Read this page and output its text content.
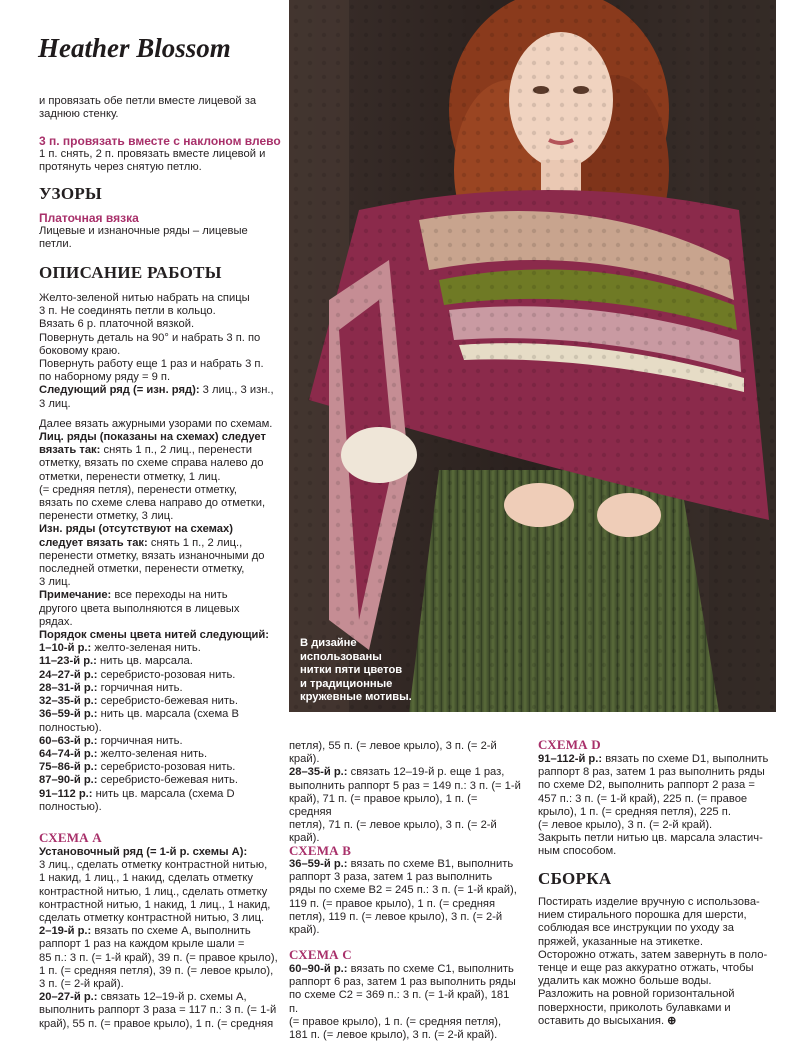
Heather Blossom
В дизайне
использованы
нитки пяти цветов
и традиционные
кружевные мотивы.
и провязать обе петли вместе лицевой за
заднюю стенку.
3 п. провязать вместе с наклоном влево
1 п. снять, 2 п. провязать вместе лицевой и
протянуть через снятую петлю.
УЗОРЫ
Платочная вязка
Лицевые и изнаночные ряды – лицевые
петли.
ОПИСАНИЕ РАБОТЫ
Желто-зеленой нитью набрать на спицы
3 п. Не соединять петли в кольцо.
Вязать 6 р. платочной вязкой.
Повернуть деталь на 90° и набрать 3 п. по
боковому краю.
Повернуть работу еще 1 раз и набрать 3 п.
по наборному ряду = 9 п.
Следующий ряд (= изн. ряд): 3 лиц., 3 изн.,
3 лиц.
Далее вязать ажурными узорами по схемам.
Лиц. ряды (показаны на схемах) следует
вязать так: снять 1 п., 2 лиц., перенести
отметку, вязать по схеме справа налево до
отметки, перенести отметку, 1 лиц.
(= средняя петля), перенести отметку,
вязать по схеме слева направо до отметки,
перенести отметку, 3 лиц.
Изн. ряды (отсутствуют на схемах)
следует вязать так: снять 1 п., 2 лиц.,
перенести отметку, вязать изнаночными до
последней отметки, перенести отметку,
3 лиц.
Примечание: все переходы на нить
другого цвета выполняются в лицевых
рядах.
Порядок смены цвета нитей следующий:
1–10-й р.: желто-зеленая нить.
11–23-й р.: нить цв. марсала.
24–27-й р.: серебристо-розовая нить.
28–31-й р.: горчичная нить.
32–35-й р.: серебристо-бежевая нить.
36–59-й р.: нить цв. марсала (схема В
полностью).
60–63-й р.: горчичная нить.
64–74-й р.: желто-зеленая нить.
75–86-й р.: серебристо-розовая нить.
87–90-й р.: серебристо-бежевая нить.
91–112 р.: нить цв. марсала (схема D
полностью).
СХЕМА А
Установочный ряд (= 1-й р. схемы А):
3 лиц., сделать отметку контрастной нитью,
1 накид, 1 лиц., 1 накид, сделать отметку
контрастной нитью, 1 лиц., сделать отметку
контрастной нитью, 1 накид, 1 лиц., 1 накид,
сделать отметку контрастной нитью, 3 лиц.
2–19-й р.: вязать по схеме А, выполнить
раппорт 1 раз на каждом крыле шали =
85 п.: 3 п. (= 1-й край), 39 п. (= правое крыло),
1 п. (= средняя петля), 39 п. (= левое крыло),
3 п. (= 2-й край).
20–27-й р.: связать 12–19-й р. схемы А,
выполнить раппорт 3 раза = 117 п.: 3 п. (= 1-й
край), 55 п. (= правое крыло), 1 п. (= средняя
петля), 55 п. (= левое крыло), 3 п. (= 2-й
край).
28–35-й р.: связать 12–19-й р. еще 1 раз,
выполнить раппорт 5 раз = 149 п.: 3 п. (= 1-й
край), 71 п. (= правое крыло), 1 п. (= средняя
петля), 71 п. (= левое крыло), 3 п. (= 2-й
край).
СХЕМА В
36–59-й р.: вязать по схеме В1, выполнить
раппорт 3 раза, затем 1 раз выполнить
ряды по схеме В2 = 245 п.: 3 п. (= 1-й край),
119 п. (= правое крыло), 1 п. (= средняя
петля), 119 п. (= левое крыло), 3 п. (= 2-й
край).
СХЕМА С
60–90-й р.: вязать по схеме С1, выполнить
раппорт 6 раз, затем 1 раз выполнить ряды
по схеме С2 = 369 п.: 3 п. (= 1-й край), 181 п.
(= правое крыло), 1 п. (= средняя петля),
181 п. (= левое крыло), 3 п. (= 2-й край).
СХЕМА D
91–112-й р.: вязать по схеме D1, выполнить
раппорт 8 раз, затем 1 раз выполнить ряды
по схеме D2, выполнить раппорт 2 раза =
457 п.: 3 п. (= 1-й край), 225 п. (= правое
крыло), 1 п. (= средняя петля), 225 п.
(= левое крыло), 3 п. (= 2-й край).
Закрыть петли нитью цв. марсала эластич-
ным способом.
СБОРКА
Постирать изделие вручную с использова-
нием стирального порошка для шерсти,
соблюдая все инструкции по уходу за
пряжей, указанные на этикетке.
Осторожно отжать, затем завернуть в поло-
тенце и еще раз аккуратно отжать, чтобы
удалить как можно больше воды.
Разложить на ровной горизонтальной
поверхности, приколоть булавками и
оставить до высыхания. ⊕
